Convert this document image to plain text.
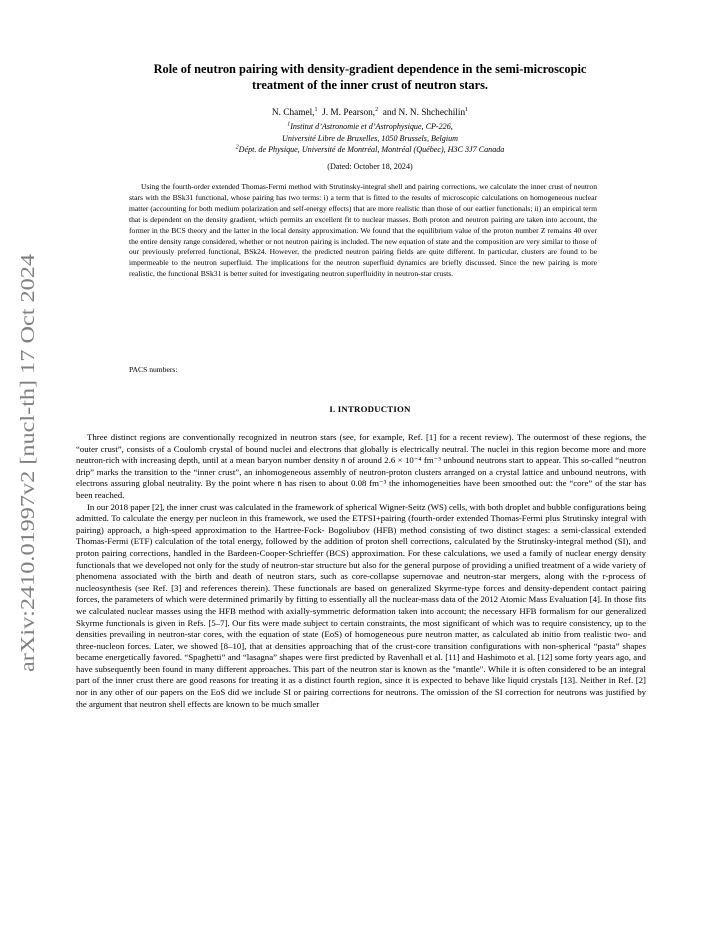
arXiv:2410.01997v2 [nucl-th] 17 Oct 2024
Role of neutron pairing with density-gradient dependence in the semi-microscopic
treatment of the inner crust of neutron stars.
N. Chamel,$^1$ J. M. Pearson,$^2$ and N. N. Shchechilin$^1$
$^1$Institut d’Astronomie et d’Astrophysique, CP-226,
Université Libre de Bruxelles, 1050 Brussels, Belgium
$^2$Dépt. de Physique, Université de Montréal, Montréal (Québec), H3C 3J7 Canada
(Dated: October 18, 2024)

Using the fourth-order extended Thomas-Fermi method with Strutinsky-integral shell and pairing corrections, we calculate the inner crust of neutron stars with the BSk31 functional, whose pairing has two terms: i) a term that is fitted to the results of microscopic calculations on homogeneous nuclear matter (accounting for both medium polarization and self-energy effects) that are more realistic than those of our earlier functionals; ii) an empirical term that is dependent on the density gradient, which permits an excellent fit to nuclear masses. Both proton and neutron pairing are taken into account, the former in the BCS theory and the latter in the local density approximation. We found that the equilibrium value of the proton number Z remains 40 over the entire density range considered, whether or not neutron pairing is included. The new equation of state and the composition are very similar to those of our previously preferred functional, BSk24. However, the predicted neutron pairing fields are quite different. In particular, clusters are found to be impermeable to the neutron superfluid. The implications for the neutron superfluid dynamics are briefly discussed. Since the new pairing is more realistic, the functional BSk31 is better suited for investigating neutron superfluidity in neutron-star crusts.

PACS numbers:
I. INTRODUCTION

Three distinct regions are conventionally recognized in neutron stars (see, for example, Ref. [1] for a recent review). The outermost of these regions, the “outer crust”, consists of a Coulomb crystal of bound nuclei and electrons that globally is electrically neutral. The nuclei in this region become more and more neutron-rich with increasing depth, until at a mean baryon number density n̄ of around 2.6 × 10⁻⁴ fm⁻³ unbound neutrons start to appear. This so-called “neutron drip” marks the transition to the “inner crust”, an inhomogeneous assembly of neutron-proton clusters arranged on a crystal lattice and unbound neutrons, with electrons assuring global neutrality. By the point where n̄ has risen to about 0.08 fm⁻³ the inhomogeneities have been smoothed out: the “core” of the star has been reached.

In our 2018 paper [2], the inner crust was calculated in the framework of spherical Wigner-Seitz (WS) cells, with both droplet and bubble configurations being admitted. To calculate the energy per nucleon in this framework, we used the ETFSI+pairing (fourth-order extended Thomas-Fermi plus Strutinsky integral with pairing) approach, a high-speed approximation to the Hartree-Fock- Bogoliubov (HFB) method consisting of two distinct stages: a semi-classical extended Thomas-Fermi (ETF) calculation of the total energy, followed by the addition of proton shell corrections, calculated by the Strutinsky-integral method (SI), and proton pairing corrections, handled in the Bardeen-Cooper-Schrieffer (BCS) approximation. For these calculations, we used a family of nuclear energy density functionals that we developed not only for the study of neutron-star structure but also for the general purpose of providing a unified treatment of a wide variety of phenomena associated with the birth and death of neutron stars, such as core-collapse supernovae and neutron-star mergers, along with the r-process of nucleosynthesis (see Ref. [3] and references therein). These functionals are based on generalized Skyrme-type forces and density-dependent contact pairing forces, the parameters of which were determined primarily by fitting to essentially all the nuclear-mass data of the 2012 Atomic Mass Evaluation [4]. In those fits we calculated nuclear masses using the HFB method with axially-symmetric deformation taken into account; the necessary HFB formalism for our generalized Skyrme functionals is given in Refs. [5–7]. Our fits were made subject to certain constraints, the most significant of which was to require consistency, up to the densities prevailing in neutron-star cores, with the equation of state (EoS) of homogeneous pure neutron matter, as calculated ab initio from realistic two- and three-nucleon forces. Later, we showed [8–10], that at densities approaching that of the crust-core transition configurations with non-spherical “pasta” shapes became energetically favored. “Spaghetti” and “lasagna” shapes were first predicted by Ravenhall et al. [11] and Hashimoto et al. [12] some forty years ago, and have subsequently been found in many different approaches. This part of the neutron star is known as the "mantle". While it is often considered to be an integral part of the inner crust there are good reasons for treating it as a distinct fourth region, since it is expected to behave like liquid crystals [13]. Neither in Ref. [2] nor in any other of our papers on the EoS did we include SI or pairing corrections for neutrons. The omission of the SI correction for neutrons was justified by the argument that neutron shell effects are known to be much smaller
